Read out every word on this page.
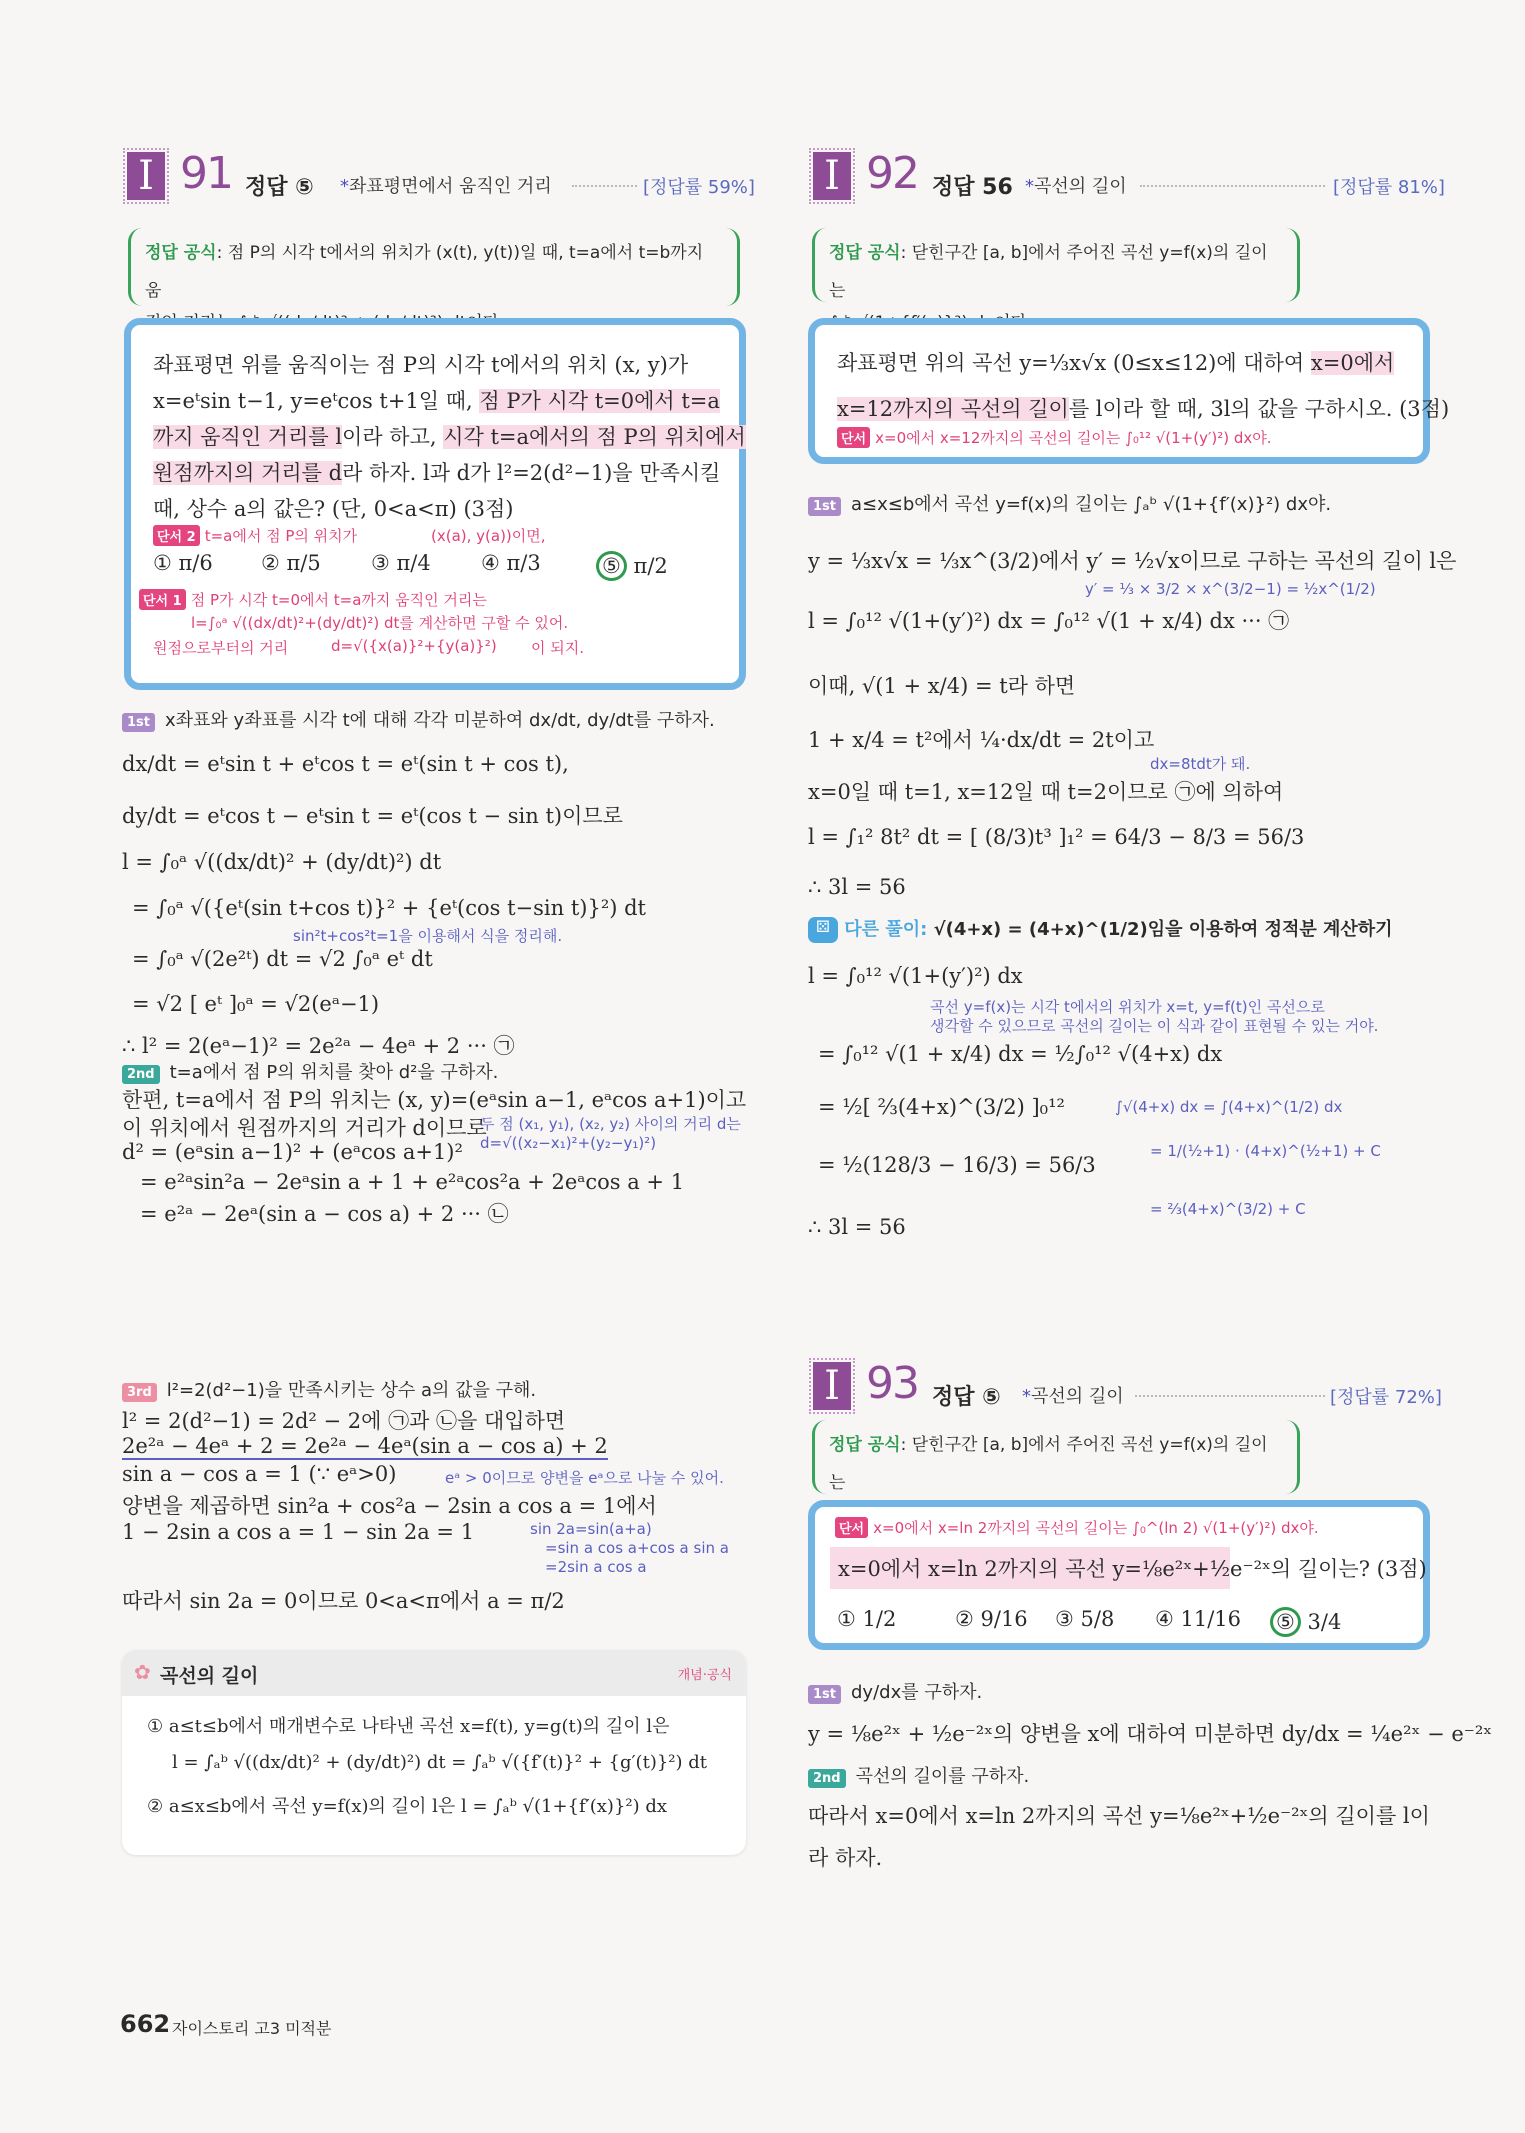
I 91 정답 ⑤ *좌표평면에서 움직인 거리	[정답률 59%]
정답 공식: 점 P의 시각 t에서의 위치가 (x(t), y(t))일 때, t=a에서 t=b까지 움
좌표평면 위를 움직이는 점 P의 시각 t에서의 위치 (x, y)가
x=eᵗsin t−1, y=eᵗcos t+1일 때, 점 P가 시각 t=0에서 t=a
까지 움직인 거리를 l이라 하고, 시각 t=a에서의 점 P의 위치에서
원점까지의 거리를 d라 하자. l과 d가 l²=2(d²−1)을 만족시킬
때, 상수 a의 값은? (단, 0<a<π) (3점)
단서 2 t=a에서 점 P의 위치가	(x(a), y(a))이면,
① π/6 ② π/5 ③ π/4 ④ π/3	⑤ π/2
단서 1 점 P가 시각 t=0에서 t=a까지 움직인 거리는
l=∫₀ᵃ √((dx/dt)²+(dy/dt)²) dt를 계산하면 구할 수 있어.
원점으로부터의 거리	d=√({x(a)}²+{y(a)}²) 이 되지.
1st x좌표와 y좌표를 시각 t에 대해 각각 미분하여 dx/dt, dy/dt를 구하자.
dx/dt = eᵗsin t + eᵗcos t = eᵗ(sin t + cos t),
dy/dt = eᵗcos t − eᵗsin t = eᵗ(cos t − sin t)이므로
l = ∫₀ᵃ √((dx/dt)² + (dy/dt)²) dt
= ∫₀ᵃ √({eᵗ(sin t+cos t)}² + {eᵗ(cos t−sin t)}²) dt
sin²t+cos²t=1을 이용해서 식을 정리해.
= ∫₀ᵃ √(2e²ᵗ) dt = √2 ∫₀ᵃ eᵗ dt
= √2 [ eᵗ ]₀ᵃ = √2(eᵃ−1)
∴ l² = 2(eᵃ−1)² = 2e²ᵃ − 4eᵃ + 2 ··· ㉠
2nd t=a에서 점 P의 위치를 찾아 d²을 구하자.
한편, t=a에서 점 P의 위치는 (x, y)=(eᵃsin a−1, eᵃcos a+1)이고
이 위치에서 원점까지의 거리가 d이므로
두 점 (x₁, y₁), (x₂, y₂) 사이의 거리 d는
d=√((x₂−x₁)²+(y₂−y₁)²)
d² = (eᵃsin a−1)² + (eᵃcos a+1)²
= e²ᵃsin²a − 2eᵃsin a + 1 + e²ᵃcos²a + 2eᵃcos a + 1
= e²ᵃ − 2eᵃ(sin a − cos a) + 2 ··· ㉡
3rd l²=2(d²−1)을 만족시키는 상수 a의 값을 구해.
l² = 2(d²−1) = 2d² − 2에 ㉠과 ㉡을 대입하면
2e²ᵃ − 4eᵃ + 2 = 2e²ᵃ − 4eᵃ(sin a − cos a) + 2
sin a − cos a = 1 (∵ eᵃ>0)	eᵃ > 0이므로 양변을 eᵃ으로 나눌 수 있어.
양변을 제곱하면 sin²a + cos²a − 2sin a cos a = 1에서
1 − 2sin a cos a = 1 − sin 2a = 1	sin 2a=sin(a+a)
=sin a cos a+cos a sin a
=2sin a cos a
따라서 sin 2a = 0이므로 0<a<π에서 a = π/2
✿ 곡선의 길이	개념·공식
① a≤t≤b에서 매개변수로 나타낸 곡선 x=f(t), y=g(t)의 길이 l은
l = ∫ₐᵇ √((dx/dt)² + (dy/dt)²) dt = ∫ₐᵇ √({f′(t)}² + {g′(t)}²) dt
② a≤x≤b에서 곡선 y=f(x)의 길이 l은 l = ∫ₐᵇ √(1+{f′(x)}²) dx
662 자이스토리 고3 미적분
I 92 정답 56 *곡선의 길이	[정답률 81%]
정답 공식: 닫힌구간 [a, b]에서 주어진 곡선 y=f(x)의 길이는
좌표평면 위의 곡선 y=⅓x√x (0≤x≤12)에 대하여 x=0에서
x=12까지의 곡선의 길이를 l이라 할 때, 3l의 값을 구하시오. (3점)
단서 x=0에서 x=12까지의 곡선의 길이는 ∫₀¹² √(1+(y′)²) dx야.
1st a≤x≤b에서 곡선 y=f(x)의 길이는 ∫ₐᵇ √(1+{f′(x)}²) dx야.
y = ⅓x√x = ⅓x^(3/2)에서 y′ = ½√x이므로 구하는 곡선의 길이 l은
y′ = ⅓ × 3/2 × x^(3/2−1) = ½x^(1/2)
l = ∫₀¹² √(1+(y′)²) dx = ∫₀¹² √(1 + x/4) dx ··· ㉠
이때, √(1 + x/4) = t라 하면
1 + x/4 = t²에서 ¼·dx/dt = 2t이고
dx=8tdt가 돼.
x=0일 때 t=1, x=12일 때 t=2이므로 ㉠에 의하여
l = ∫₁² 8t² dt = [ (8/3)t³ ]₁² = 64/3 − 8/3 = 56/3
∴ 3l = 56
⚄ 다른 풀이: √(4+x) = (4+x)^(1/2)임을 이용하여 정적분 계산하기
l = ∫₀¹² √(1+(y′)²) dx
곡선 y=f(x)는 시각 t에서의 위치가 x=t, y=f(t)인 곡선으로
생각할 수 있으므로 곡선의 길이는 이 식과 같이 표현될 수 있는 거야.
= ∫₀¹² √(1 + x/4) dx = ½∫₀¹² √(4+x) dx
= ½[ ⅔(4+x)^(3/2) ]₀¹²	∫√(4+x) dx = ∫(4+x)^(1/2) dx
= 1/(½+1) · (4+x)^(½+1) + C
= ⅔(4+x)^(3/2) + C
= ½(128/3 − 16/3) = 56/3
∴ 3l = 56
I 93 정답 ⑤ *곡선의 길이	[정답률 72%]
정답 공식: 닫힌구간 [a, b]에서 주어진 곡선 y=f(x)의 길이는
단서 x=0에서 x=ln 2까지의 곡선의 길이는 ∫₀^(ln 2) √(1+(y′)²) dx야.
x=0에서 x=ln 2까지의 곡선 y=⅛e²ˣ+½e⁻²ˣ의 길이는? (3점)
① 1/2	② 9/16 ③ 5/8 ④ 11/16 ⑤ 3/4
1st dy/dx를 구하자.
y = ⅛e²ˣ + ½e⁻²ˣ의 양변을 x에 대하여 미분하면 dy/dx = ¼e²ˣ − e⁻²ˣ
2nd 곡선의 길이를 구하자.
따라서 x=0에서 x=ln 2까지의 곡선 y=⅛e²ˣ+½e⁻²ˣ의 길이를 l이
라 하자.
